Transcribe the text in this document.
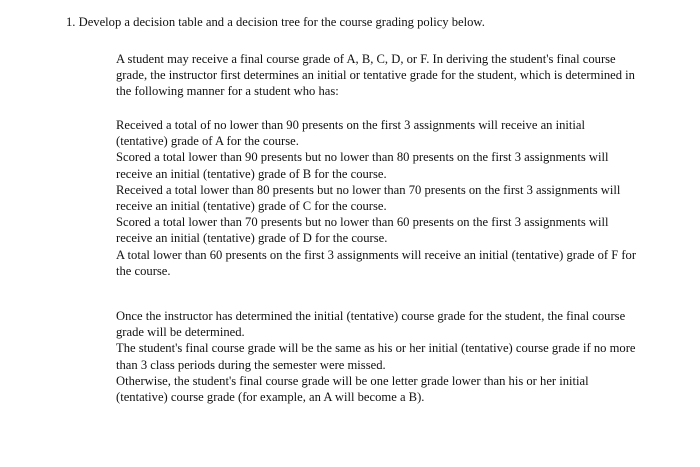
1. Develop a decision table and a decision tree for the course grading policy below.

A student may receive a final course grade of A, B, C, D, or F. In deriving the student's final course grade, the instructor first determines an initial or tentative grade for the student, which is determined in the following manner for a student who has:

Received a total of no lower than 90 presents on the first 3 assignments will receive an initial (tentative) grade of A for the course.

Scored a total lower than 90 presents but no lower than 80 presents on the first 3 assignments will receive an initial (tentative) grade of B for the course.

Received a total lower than 80 presents but no lower than 70 presents on the first 3 assignments will receive an initial (tentative) grade of C for the course.

Scored a total lower than 70 presents but no lower than 60 presents on the first 3 assignments will receive an initial (tentative) grade of D for the course.

A total lower than 60 presents on the first 3 assignments will receive an initial (tentative) grade of F for the course.

Once the instructor has determined the initial (tentative) course grade for the student, the final course grade will be determined.

The student's final course grade will be the same as his or her initial (tentative) course grade if no more than 3 class periods during the semester were missed.

Otherwise, the student's final course grade will be one letter grade lower than his or her initial (tentative) course grade (for example, an A will become a B).
